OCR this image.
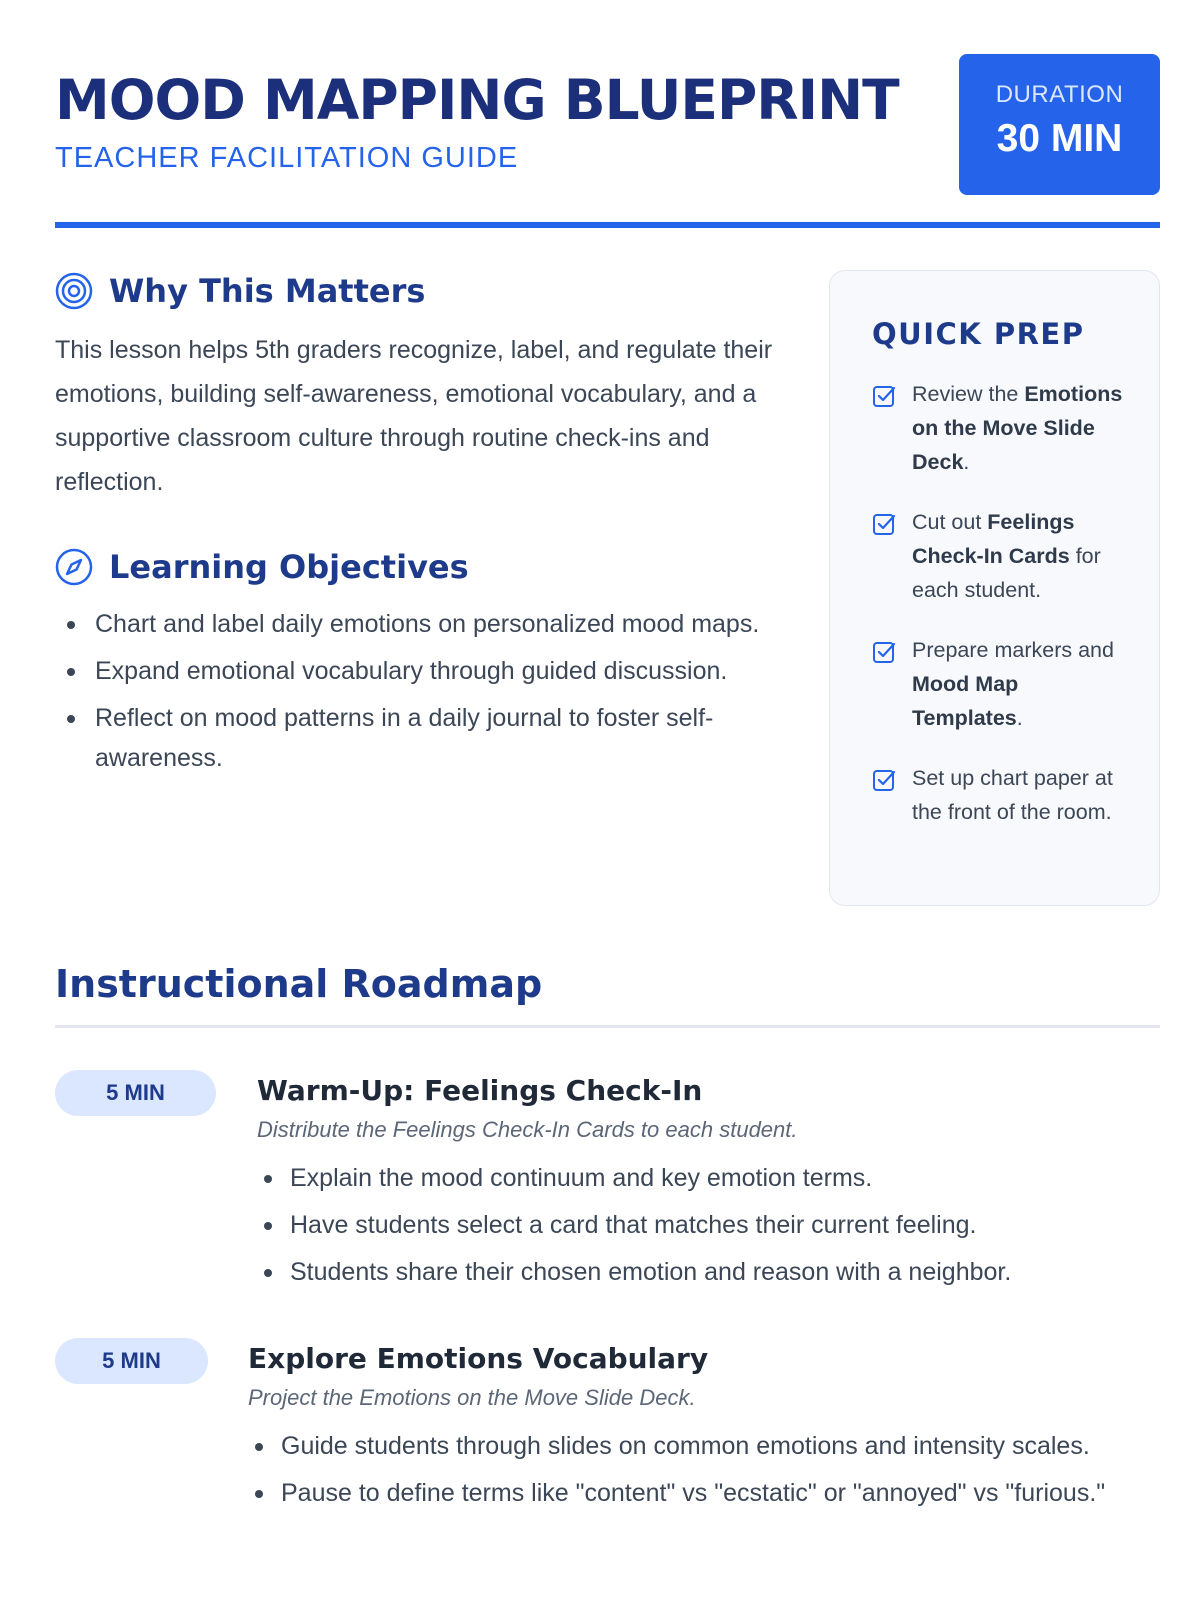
MOOD MAPPING BLUEPRINT
TEACHER FACILITATION GUIDE
DURATION
30 MIN
Why This Matters

This lesson helps 5th graders recognize, label, and regulate their emotions, building self-awareness, emotional vocabulary, and a supportive classroom culture through routine check-ins and reflection.

Learning Objectives
Chart and label daily emotions on personalized mood maps.
Expand emotional vocabulary through guided discussion.
Reflect on mood patterns in a daily journal to foster self-awareness.
QUICK PREP

Review the Emotions on the Move Slide Deck.

Cut out Feelings Check-In Cards for each student.

Prepare markers and Mood Map Templates.

Set up chart paper at the front of the room.

Instructional Roadmap
5 MIN	Warm-Up: Feelings Check-In

Distribute the Feelings Check-In Cards to each student.

Explain the mood continuum and key emotion terms.
Have students select a card that matches their current feeling.
Students share their chosen emotion and reason with a neighbor.
5 MIN	Explore Emotions Vocabulary

Project the Emotions on the Move Slide Deck.

Guide students through slides on common emotions and intensity scales.
Pause to define terms like "content" vs "ecstatic" or "annoyed" vs "furious."
